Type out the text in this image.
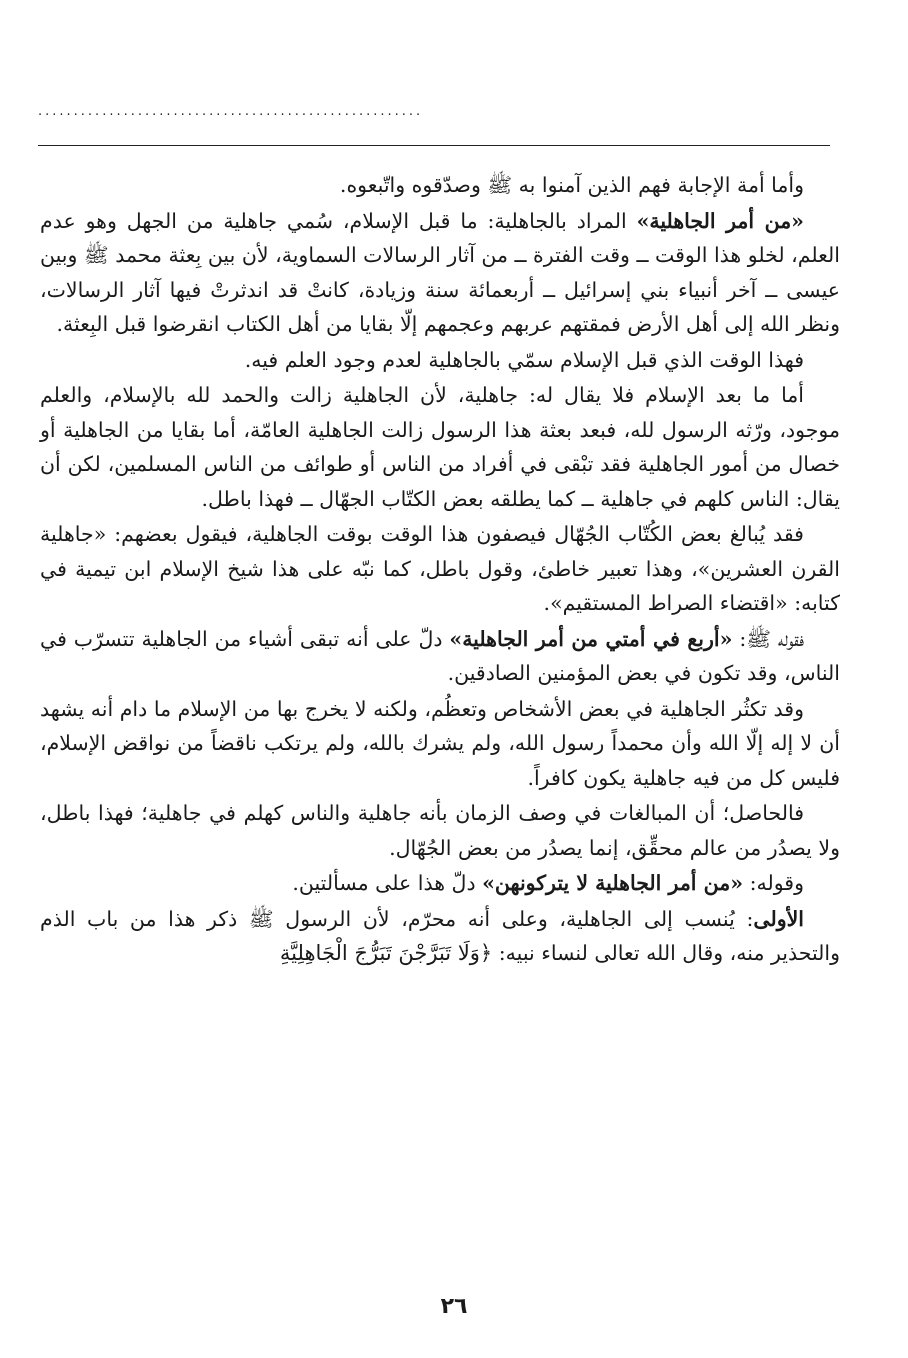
......................................................

وأما أمة الإجابة فهم الذين آمنوا به ﷺ وصدّقوه واتّبعوه.

«من أمر الجاهلية» المراد بالجاهلية: ما قبل الإسلام، سُمي جاهلية من الجهل وهو عدم العلم، لخلو هذا الوقت ــ وقت الفترة ــ من آثار الرسالات السماوية، لأن بين بِعثة محمد ﷺ وبين عيسى ــ آخر أنبياء بني إسرائيل ــ أربعمائة سنة وزيادة، كانتْ قد اندثرتْ فيها آثار الرسالات، ونظر الله إلى أهل الأرض فمقتهم عربهم وعجمهم إلّا بقايا من أهل الكتاب انقرضوا قبل البِعثة.

فهذا الوقت الذي قبل الإسلام سمّي بالجاهلية لعدم وجود العلم فيه.

أما ما بعد الإسلام فلا يقال له: جاهلية، لأن الجاهلية زالت والحمد لله بالإسلام، والعلم موجود، ورّثه الرسول لله، فبعد بعثة هذا الرسول زالت الجاهلية العامّة، أما بقايا من الجاهلية أو خصال من أمور الجاهلية فقد تبْقى في أفراد من الناس أو طوائف من الناس المسلمين، لكن أن يقال: الناس كلهم في جاهلية ــ كما يطلقه بعض الكتّاب الجهّال ــ فهذا باطل.

فقد يُبالغ بعض الكُتّاب الجُهّال فيصفون هذا الوقت بوقت الجاهلية، فيقول بعضهم: «جاهلية القرن العشرين»، وهذا تعبير خاطئ، وقول باطل، كما نبّه على هذا شيخ الإسلام ابن تيمية في كتابه: «اقتضاء الصراط المستقيم».

فقوله ﷺ: «أربع في أمتي من أمر الجاهلية» دلّ على أنه تبقى أشياء من الجاهلية تتسرّب في الناس، وقد تكون في بعض المؤمنين الصادقين.

وقد تكثُر الجاهلية في بعض الأشخاص وتعظُم، ولكنه لا يخرج بها من الإسلام ما دام أنه يشهد أن لا إله إلّا الله وأن محمداً رسول الله، ولم يشرك بالله، ولم يرتكب ناقضاً من نواقض الإسلام، فليس كل من فيه جاهلية يكون كافراً.

فالحاصل؛ أن المبالغات في وصف الزمان بأنه جاهلية والناس كهلم في جاهلية؛ فهذا باطل، ولا يصدُر من عالم محقِّق، إنما يصدُر من بعض الجُهّال.

وقوله: «من أمر الجاهلية لا يتركونهن» دلّ هذا على مسألتين.

الأولى: يُنسب إلى الجاهلية، وعلى أنه محرّم، لأن الرسول ﷺ ذكر هذا من باب الذم والتحذير منه، وقال الله تعالى لنساء نبيه: ﴿وَلَا تَبَرَّجْنَ تَبَرُّجَ الْجَاهِلِيَّةِ

٢٦
